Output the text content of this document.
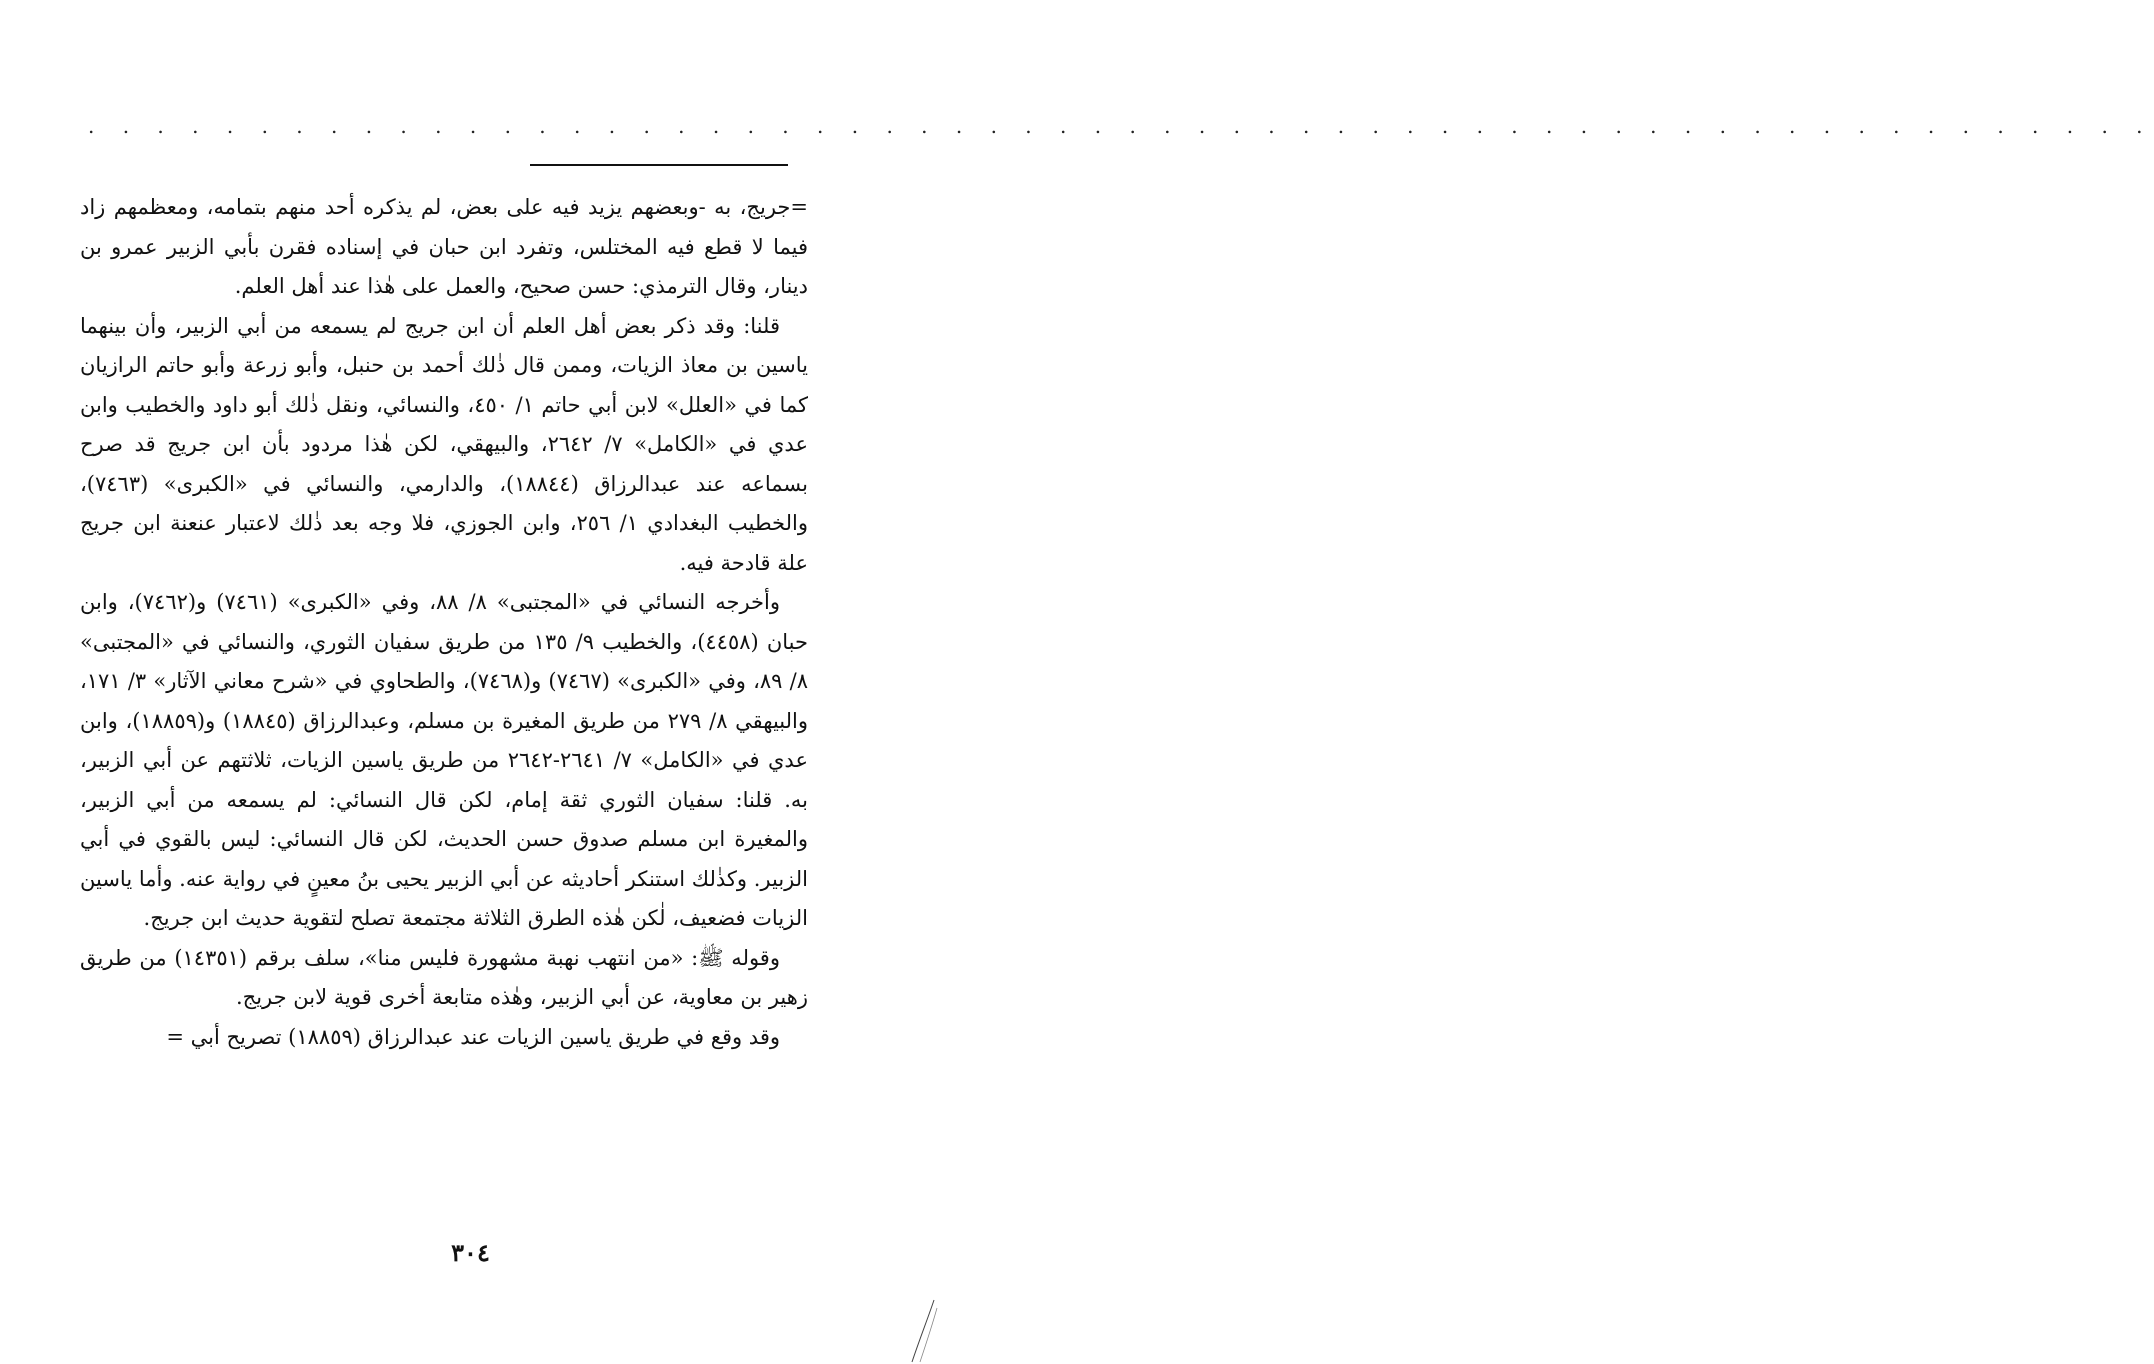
. . . . . . . . . . . . . . . . . . . . . . . . . . . . . . . . . . . . . . . . . . . . . . . . . . . . . . . . . . . .

=جريج، به -وبعضهم يزيد فيه على بعض، لم يذكره أحد منهم بتمامه، ومعظمهم زاد فيما لا قطع فيه المختلس، وتفرد ابن حبان في إسناده فقرن بأبي الزبير عمرو بن دينار، وقال الترمذي: حسن صحيح، والعمل على هٰذا عند أهل العلم.

قلنا: وقد ذكر بعض أهل العلم أن ابن جريج لم يسمعه من أبي الزبير، وأن بينهما ياسين بن معاذ الزيات، وممن قال ذٰلك أحمد بن حنبل، وأبو زرعة وأبو حاتم الرازيان كما في «العلل» لابن أبي حاتم ١/ ٤٥٠، والنسائي، ونقل ذٰلك أبو داود والخطيب وابن عدي في «الكامل» ٧/ ٢٦٤٢، والبيهقي، لكن هٰذا مردود بأن ابن جريج قد صرح بسماعه عند عبدالرزاق (١٨٨٤٤)، والدارمي، والنسائي في «الكبرى» (٧٤٦٣)، والخطيب البغدادي ١/ ٢٥٦، وابن الجوزي، فلا وجه بعد ذٰلك لاعتبار عنعنة ابن جريج علة قادحة فيه.

وأخرجه النسائي في «المجتبى» ٨/ ٨٨، وفي «الكبرى» (٧٤٦١) و(٧٤٦٢)، وابن حبان (٤٤٥٨)، والخطيب ٩/ ١٣٥ من طريق سفيان الثوري، والنسائي في «المجتبى» ٨/ ٨٩، وفي «الكبرى» (٧٤٦٧) و(٧٤٦٨)، والطحاوي في «شرح معاني الآثار» ٣/ ١٧١، والبيهقي ٨/ ٢٧٩ من طريق المغيرة بن مسلم، وعبدالرزاق (١٨٨٤٥) و(١٨٨٥٩)، وابن عدي في «الكامل» ٧/ ٢٦٤١-٢٦٤٢ من طريق ياسين الزيات، ثلاثتهم عن أبي الزبير، به. قلنا: سفيان الثوري ثقة إمام، لكن قال النسائي: لم يسمعه من أبي الزبير، والمغيرة ابن مسلم صدوق حسن الحديث، لكن قال النسائي: ليس بالقوي في أبي الزبير. وكذٰلك استنكر أحاديثه عن أبي الزبير يحيى بنُ معينٍ في رواية عنه. وأما ياسين الزيات فضعيف، لٰكن هٰذه الطرق الثلاثة مجتمعة تصلح لتقوية حديث ابن جريج.

وقوله ﷺ: «من انتهب نهبة مشهورة فليس منا»، سلف برقم (١٤٣٥١) من طريق زهير بن معاوية، عن أبي الزبير، وهٰذه متابعة أخرى قوية لابن جريج.

وقد وقع في طريق ياسين الزيات عند عبدالرزاق (١٨٨٥٩) تصريح أبي =

٣٠٤
